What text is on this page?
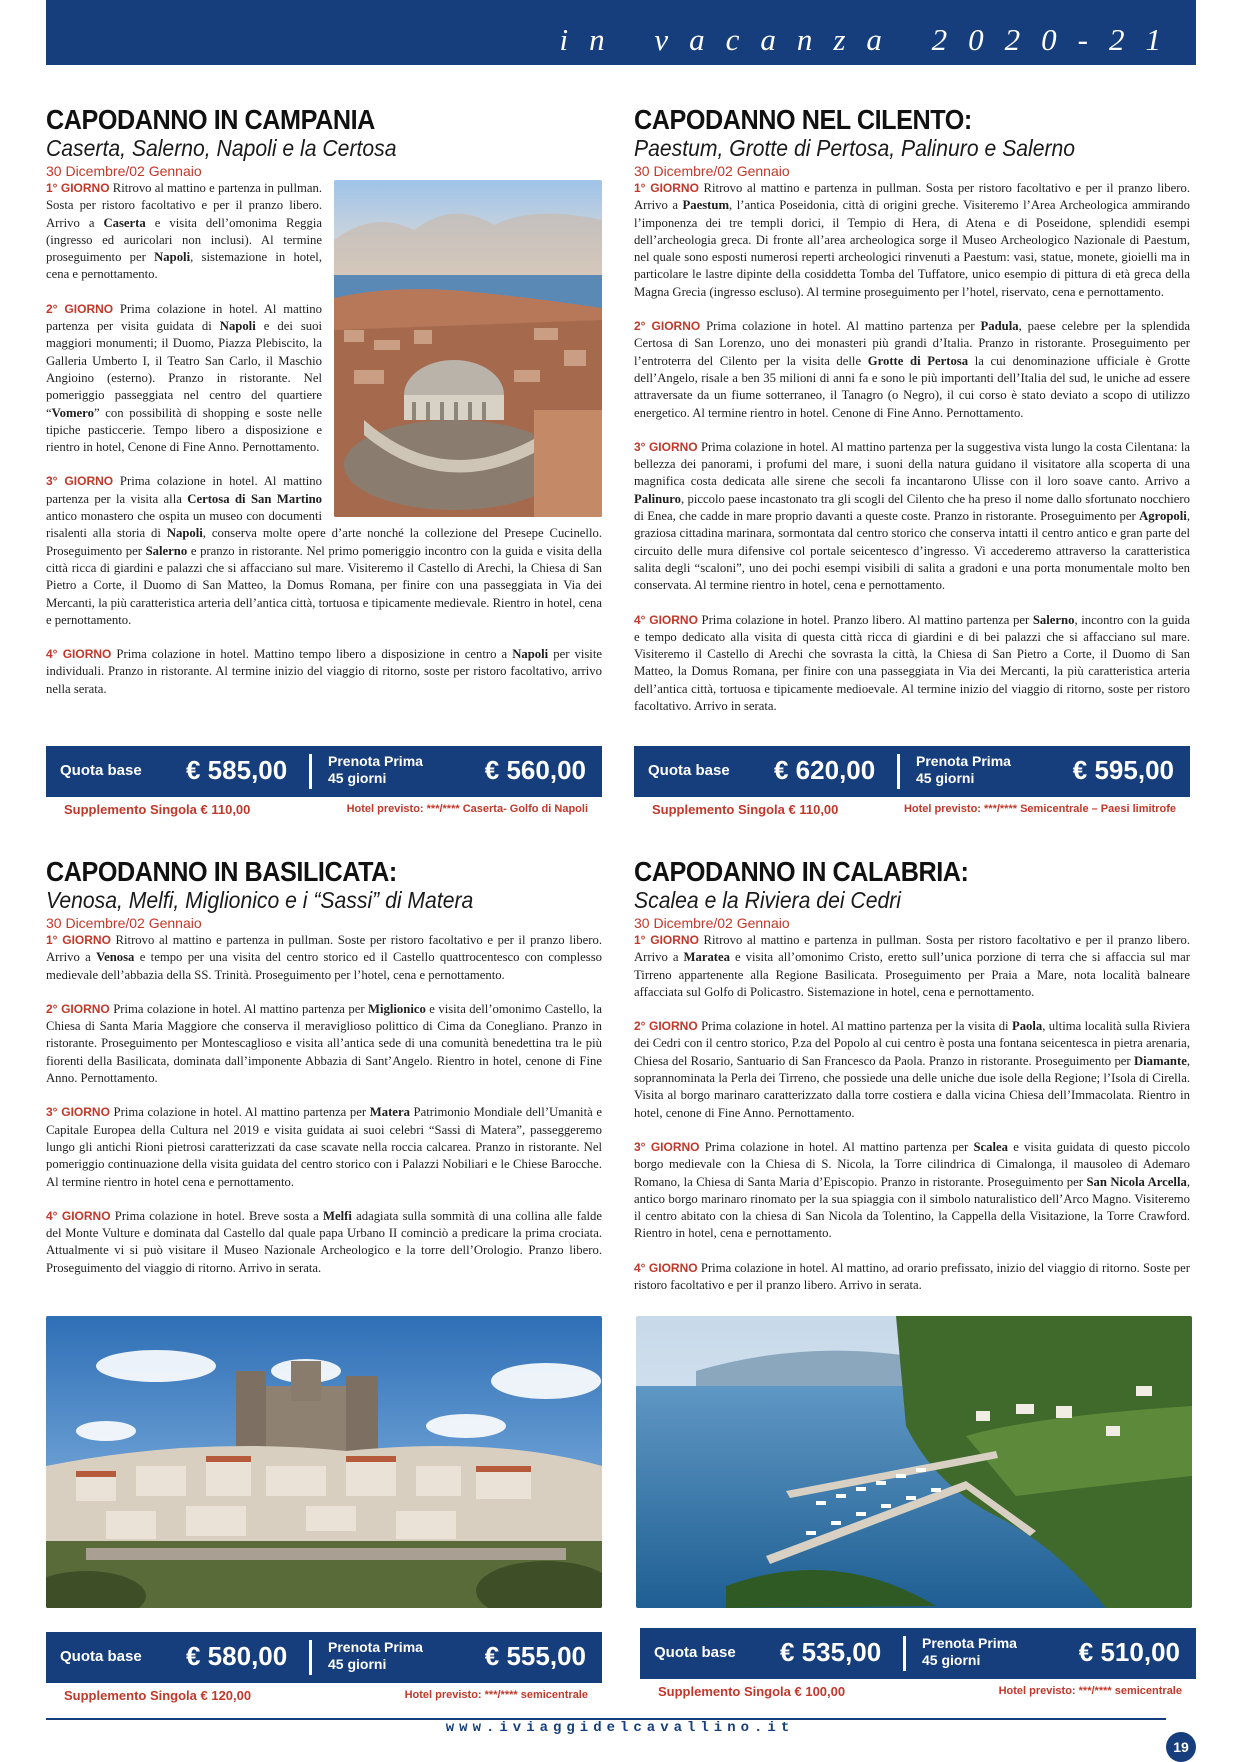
in vacanza 2020-21
CAPODANNO IN CAMPANIA
Caserta, Salerno, Napoli e la Certosa
30 Dicembre/02 Gennaio

1° GIORNO Ritrovo al mattino e partenza in pullman. Sosta per ristoro facoltativo e per il pranzo libero. Arrivo a Caserta e visita dell’omonima Reggia (ingresso ed auricolari non inclusi). Al termine proseguimento per Napoli, sistemazione in hotel, cena e pernottamento.

2° GIORNO Prima colazione in hotel. Al mattino partenza per visita guidata di Napoli e dei suoi maggiori monumenti; il Duomo, Piazza Plebiscito, la Galleria Umberto I, il Teatro San Carlo, il Maschio Angioino (esterno). Pranzo in ristorante. Nel pomeriggio passeggiata nel centro del quartiere “Vomero” con possibilità di shopping e soste nelle tipiche pasticcerie. Tempo libero a disposizione e rientro in hotel, Cenone di Fine Anno. Pernottamento.

3° GIORNO Prima colazione in hotel. Al mattino partenza per la visita alla Certosa di San Martino antico monastero che ospita un museo con documenti risalenti alla storia di Napoli, conserva molte opere d’arte nonché la collezione del Presepe Cucinello. Proseguimento per Salerno e pranzo in ristorante. Nel primo pomeriggio incontro con la guida e visita della città ricca di giardini e palazzi che si affacciano sul mare. Visiteremo il Castello di Arechi, la Chiesa di San Pietro a Corte, il Duomo di San Matteo, la Domus Romana, per finire con una passeggiata in Via dei Mercanti, la più caratteristica arteria dell’antica città, tortuosa e tipicamente medievale. Rientro in hotel, cena e pernottamento.

4° GIORNO Prima colazione in hotel. Mattino tempo libero a disposizione in centro a Napoli per visite individuali. Pranzo in ristorante. Al termine inizio del viaggio di ritorno, soste per ristoro facoltativo, arrivo nella serata.

Quota base € 585,00	Prenota Prima
45 giorni	€ 560,00
Supplemento Singola € 110,00	Hotel previsto: ***/**** Caserta- Golfo di Napoli
CAPODANNO NEL CILENTO:
Paestum, Grotte di Pertosa, Palinuro e Salerno
30 Dicembre/02 Gennaio

1° GIORNO Ritrovo al mattino e partenza in pullman. Sosta per ristoro facoltativo e per il pranzo libero. Arrivo a Paestum, l’antica Poseidonia, città di origini greche. Visiteremo l’Area Archeologica ammirando l’imponenza dei tre templi dorici, il Tempio di Hera, di Atena e di Poseidone, splendidi esempi dell’archeologia greca. Di fronte all’area archeologica sorge il Museo Archeologico Nazionale di Paestum, nel quale sono esposti numerosi reperti archeologici rinvenuti a Paestum: vasi, statue, monete, gioielli ma in particolare le lastre dipinte della cosiddetta Tomba del Tuffatore, unico esempio di pittura di età greca della Magna Grecia (ingresso escluso). Al termine proseguimento per l’hotel, riservato, cena e pernottamento.

2° GIORNO Prima colazione in hotel. Al mattino partenza per Padula, paese celebre per la splendida Certosa di San Lorenzo, uno dei monasteri più grandi d’Italia. Pranzo in ristorante. Proseguimento per l’entroterra del Cilento per la visita delle Grotte di Pertosa la cui denominazione ufficiale è Grotte dell’Angelo, risale a ben 35 milioni di anni fa e sono le più importanti dell’Italia del sud, le uniche ad essere attraversate da un fiume sotterraneo, il Tanagro (o Negro), il cui corso è stato deviato a scopo di utilizzo energetico. Al termine rientro in hotel. Cenone di Fine Anno. Pernottamento.

3° GIORNO Prima colazione in hotel. Al mattino partenza per la suggestiva vista lungo la costa Cilentana: la bellezza dei panorami, i profumi del mare, i suoni della natura guidano il visitatore alla scoperta di una magnifica costa dedicata alle sirene che secoli fa incantarono Ulisse con il loro soave canto. Arrivo a Palinuro, piccolo paese incastonato tra gli scogli del Cilento che ha preso il nome dallo sfortunato nocchiero di Enea, che cadde in mare proprio davanti a queste coste. Pranzo in ristorante. Proseguimento per Agropoli, graziosa cittadina marinara, sormontata dal centro storico che conserva intatti il centro antico e gran parte del circuito delle mura difensive col portale seicentesco d’ingresso. Vi accederemo attraverso la caratteristica salita degli “scaloni”, uno dei pochi esempi visibili di salita a gradoni e una porta monumentale molto ben conservata. Al termine rientro in hotel, cena e pernottamento.

4° GIORNO Prima colazione in hotel. Pranzo libero. Al mattino partenza per Salerno, incontro con la guida e tempo dedicato alla visita di questa città ricca di giardini e di bei palazzi che si affacciano sul mare. Visiteremo il Castello di Arechi che sovrasta la città, la Chiesa di San Pietro a Corte, il Duomo di San Matteo, la Domus Romana, per finire con una passeggiata in Via dei Mercanti, la più caratteristica arteria dell’antica città, tortuosa e tipicamente medioevale. Al termine inizio del viaggio di ritorno, soste per ristoro facoltativo. Arrivo in serata.

Quota base € 620,00	Prenota Prima
45 giorni	€ 595,00
Supplemento Singola € 110,00	Hotel previsto: ***/**** Semicentrale – Paesi limitrofe
CAPODANNO IN BASILICATA:
Venosa, Melfi, Miglionico e i “Sassi” di Matera
30 Dicembre/02 Gennaio

1° GIORNO Ritrovo al mattino e partenza in pullman. Soste per ristoro facoltativo e per il pranzo libero. Arrivo a Venosa e tempo per una visita del centro storico ed il Castello quattrocentesco con complesso medievale dell’abbazia della SS. Trinità. Proseguimento per l’hotel, cena e pernottamento.

2° GIORNO Prima colazione in hotel. Al mattino partenza per Miglionico e visita dell’omonimo Castello, la Chiesa di Santa Maria Maggiore che conserva il meraviglioso polittico di Cima da Conegliano. Pranzo in ristorante. Proseguimento per Montescaglioso e visita all’antica sede di una comunità benedettina tra le più fiorenti della Basilicata, dominata dall’imponente Abbazia di Sant’Angelo. Rientro in hotel, cenone di Fine Anno. Pernottamento.

3° GIORNO Prima colazione in hotel. Al mattino partenza per Matera Patrimonio Mondiale dell’Umanità e Capitale Europea della Cultura nel 2019 e visita guidata ai suoi celebri “Sassi di Matera”, passeggeremo lungo gli antichi Rioni pietrosi caratterizzati da case scavate nella roccia calcarea. Pranzo in ristorante. Nel pomeriggio continuazione della visita guidata del centro storico con i Palazzi Nobiliari e le Chiese Barocche. Al termine rientro in hotel cena e pernottamento.

4° GIORNO Prima colazione in hotel. Breve sosta a Melfi adagiata sulla sommità di una collina alle falde del Monte Vulture e dominata dal Castello dal quale papa Urbano II cominciò a predicare la prima crociata. Attualmente vi si può visitare il Museo Nazionale Archeologico e la torre dell’Orologio. Pranzo libero. Proseguimento del viaggio di ritorno. Arrivo in serata.

Quota base € 580,00	Prenota Prima
45 giorni	€ 555,00
Supplemento Singola € 120,00	Hotel previsto: ***/**** semicentrale
CAPODANNO IN CALABRIA:
Scalea e la Riviera dei Cedri
30 Dicembre/02 Gennaio

1° GIORNO Ritrovo al mattino e partenza in pullman. Sosta per ristoro facoltativo e per il pranzo libero. Arrivo a Maratea e visita all’omonimo Cristo, eretto sull’unica porzione di terra che si affaccia sul mar Tirreno appartenente alla Regione Basilicata. Proseguimento per Praia a Mare, nota località balneare affacciata sul Golfo di Policastro. Sistemazione in hotel, cena e pernottamento.

2° GIORNO Prima colazione in hotel. Al mattino partenza per la visita di Paola, ultima località sulla Riviera dei Cedri con il centro storico, P.za del Popolo al cui centro è posta una fontana seicentesca in pietra arenaria, Chiesa del Rosario, Santuario di San Francesco da Paola. Pranzo in ristorante. Proseguimento per Diamante, soprannominata la Perla dei Tirreno, che possiede una delle uniche due isole della Regione; l’Isola di Cirella. Visita al borgo marinaro caratterizzato dalla torre costiera e dalla vicina Chiesa dell’Immacolata. Rientro in hotel, cenone di Fine Anno. Pernottamento.

3° GIORNO Prima colazione in hotel. Al mattino partenza per Scalea e visita guidata di questo piccolo borgo medievale con la Chiesa di S. Nicola, la Torre cilindrica di Cimalonga, il mausoleo di Ademaro Romano, la Chiesa di Santa Maria d’Episcopio. Pranzo in ristorante. Proseguimento per San Nicola Arcella, antico borgo marinaro rinomato per la sua spiaggia con il simbolo naturalistico dell’Arco Magno. Visiteremo il centro abitato con la chiesa di San Nicola da Tolentino, la Cappella della Visitazione, la Torre Crawford. Rientro in hotel, cena e pernottamento.

4° GIORNO Prima colazione in hotel. Al mattino, ad orario prefissato, inizio del viaggio di ritorno. Soste per ristoro facoltativo e per il pranzo libero. Arrivo in serata.

Quota base € 535,00	Prenota Prima
45 giorni	€ 510,00
Supplemento Singola € 100,00	Hotel previsto: ***/**** semicentrale
www.iviaggidelcavallino.it
19
